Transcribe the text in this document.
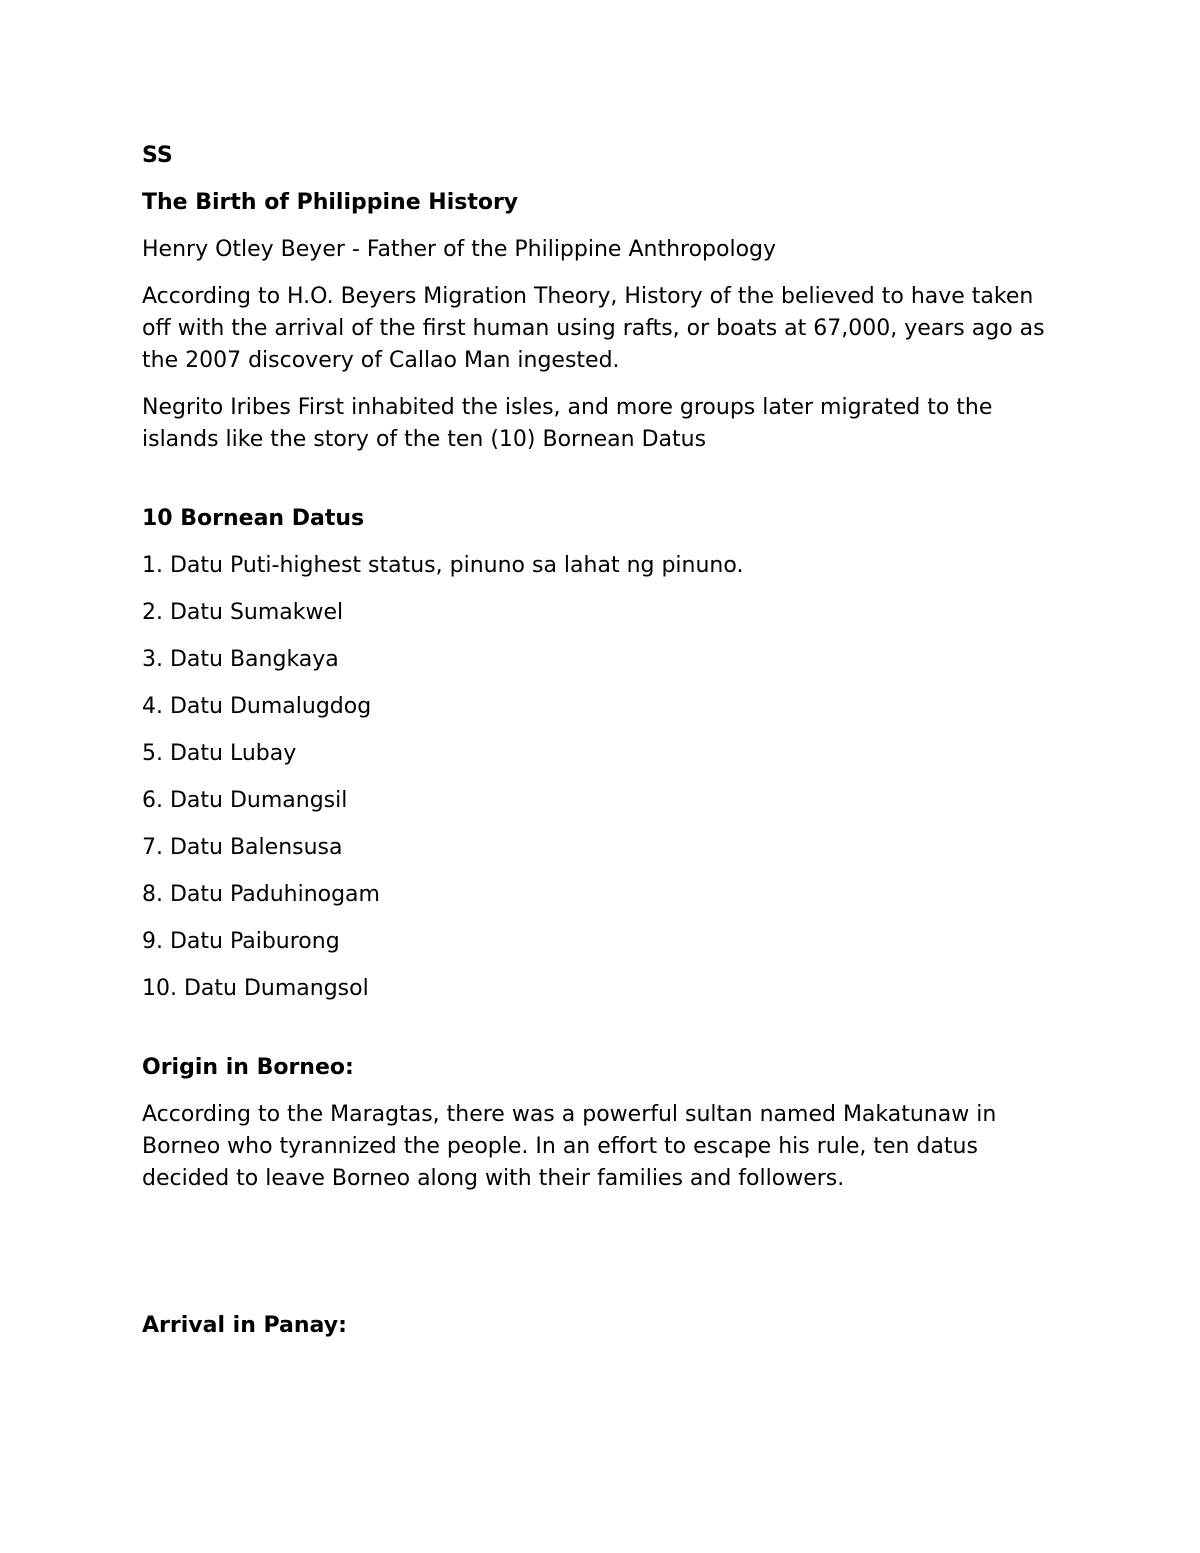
SS

The Birth of Philippine History

Henry Otley Beyer - Father of the Philippine Anthropology

According to H.O. Beyers Migration Theory, History of the believed to have taken off with the arrival of the first human using rafts, or boats at 67,000, years ago as the 2007 discovery of Callao Man ingested.

Negrito Iribes First inhabited the isles, and more groups later migrated to the islands like the story of the ten (10) Bornean Datus

10 Bornean Datus

1. Datu Puti-highest status, pinuno sa lahat ng pinuno.
2. Datu Sumakwel
3. Datu Bangkaya
4. Datu Dumalugdog
5. Datu Lubay
6. Datu Dumangsil
7. Datu Balensusa
8. Datu Paduhinogam
9. Datu Paiburong
10. Datu Dumangsol

Origin in Borneo:

According to the Maragtas, there was a powerful sultan named Makatunaw in Borneo who tyrannized the people. In an effort to escape his rule, ten datus decided to leave Borneo along with their families and followers.

Arrival in Panay:
